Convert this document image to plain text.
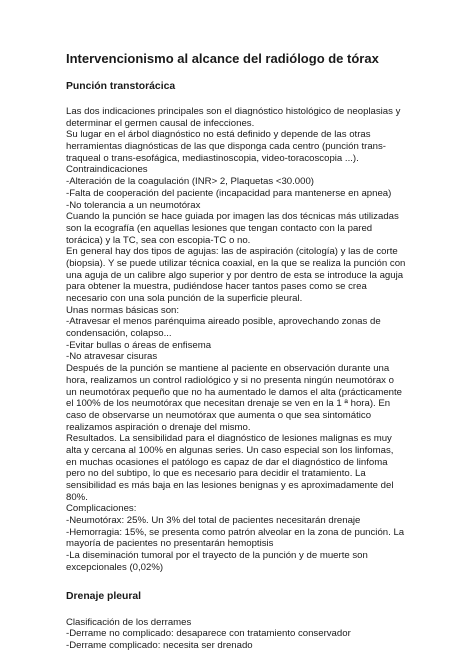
Intervencionismo al alcance del radiólogo de tórax
Punción transtorácica
Las dos indicaciones principales son el diagnóstico histológico de neoplasias y
determinar el germen causal de infecciones.
Su lugar en el árbol diagnóstico no está definido y depende de las otras
herramientas diagnósticas de las que disponga cada centro (punción trans-
traqueal o trans-esofágica, mediastinoscopia, video-toracoscopia ...).
Contraindicaciones
-Alteración de la coagulación (INR> 2, Plaquetas <30.000)
-Falta de cooperación del paciente (incapacidad para mantenerse en apnea)
-No tolerancia a un neumotórax
Cuando la punción se hace guiada por imagen las dos técnicas más utilizadas
son la ecografía (en aquellas lesiones que tengan contacto con la pared
torácica) y la TC, sea con escopia-TC o no.
En general hay dos tipos de agujas: las de aspiración (citología) y las de corte
(biopsia). Y se puede utilizar técnica coaxial, en la que se realiza la punción con
una aguja de un calibre algo superior y por dentro de esta se introduce la aguja
para obtener la muestra, pudiéndose hacer tantos pases como se crea
necesario con una sola punción de la superficie pleural.
Unas normas básicas son:
-Atravesar el menos parénquima aireado posible, aprovechando zonas de
condensación, colapso...
-Evitar bullas o áreas de enfisema
-No atravesar cisuras
Después de la punción se mantiene al paciente en observación durante una
hora, realizamos un control radiológico y si no presenta ningún neumotórax o
un neumotórax pequeño que no ha aumentado le damos el alta (prácticamente
el 100% de los neumotórax que necesitan drenaje se ven en la 1 ª hora). En
caso de observarse un neumotórax que aumenta o que sea sintomático
realizamos aspiración o drenaje del mismo.
Resultados. La sensibilidad para el diagnóstico de lesiones malignas es muy
alta y cercana al 100% en algunas series. Un caso especial son los linfomas,
en muchas ocasiones el patólogo es capaz de dar el diagnóstico de linfoma
pero no del subtipo, lo que es necesario para decidir el tratamiento. La
sensibilidad es más baja en las lesiones benignas y es aproximadamente del
80%.
Complicaciones:
-Neumotórax: 25%. Un 3% del total de pacientes necesitarán drenaje
-Hemorragia: 15%, se presenta como patrón alveolar en la zona de punción. La
mayoría de pacientes no presentarán hemoptisis
-La diseminación tumoral por el trayecto de la punción y de muerte son
excepcionales (0,02%)
Drenaje pleural
Clasificación de los derrames
-Derrame no complicado: desaparece con tratamiento conservador
-Derrame complicado: necesita ser drenado
